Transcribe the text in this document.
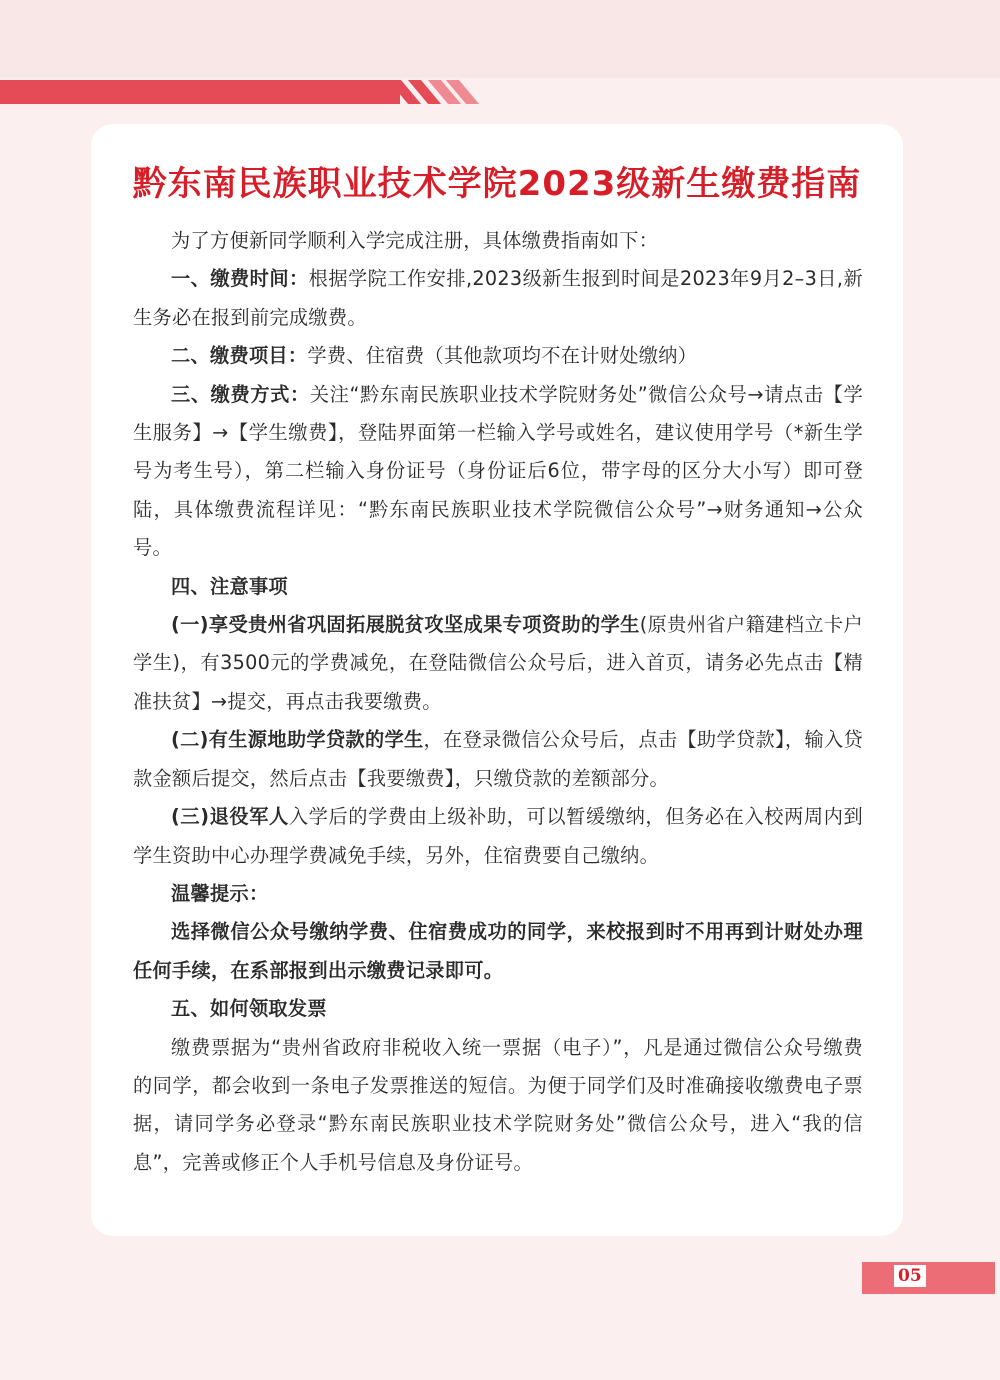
黔东南民族职业技术学院2023级新生缴费指南

为了方便新同学顺利入学完成注册，具体缴费指南如下：

一、缴费时间：根据学院工作安排,2023级新生报到时间是2023年9月2–3日,新生务必在报到前完成缴费。

二、缴费项目：学费、住宿费（其他款项均不在计财处缴纳）

三、缴费方式：关注“黔东南民族职业技术学院财务处”微信公众号→请点击【学生服务】→【学生缴费】，登陆界面第一栏输入学号或姓名，建议使用学号（*新生学号为考生号），第二栏输入身份证号（身份证后6位，带字母的区分大小写）即可登陆，具体缴费流程详见：“黔东南民族职业技术学院微信公众号”→财务通知→公众号。

四、注意事项

(一)享受贵州省巩固拓展脱贫攻坚成果专项资助的学生(原贵州省户籍建档立卡户学生)，有3500元的学费减免，在登陆微信公众号后，进入首页，请务必先点击【精准扶贫】→提交，再点击我要缴费。

(二)有生源地助学贷款的学生，在登录微信公众号后，点击【助学贷款】，输入贷款金额后提交，然后点击【我要缴费】，只缴贷款的差额部分。

(三)退役军人入学后的学费由上级补助，可以暂缓缴纳，但务必在入校两周内到学生资助中心办理学费减免手续，另外，住宿费要自己缴纳。

温馨提示：

选择微信公众号缴纳学费、住宿费成功的同学，来校报到时不用再到计财处办理任何手续，在系部报到出示缴费记录即可。

五、如何领取发票

缴费票据为“贵州省政府非税收入统一票据（电子）”，凡是通过微信公众号缴费的同学，都会收到一条电子发票推送的短信。为便于同学们及时准确接收缴费电子票据，请同学务必登录“黔东南民族职业技术学院财务处”微信公众号，进入“我的信息”，完善或修正个人手机号信息及身份证号。

05
